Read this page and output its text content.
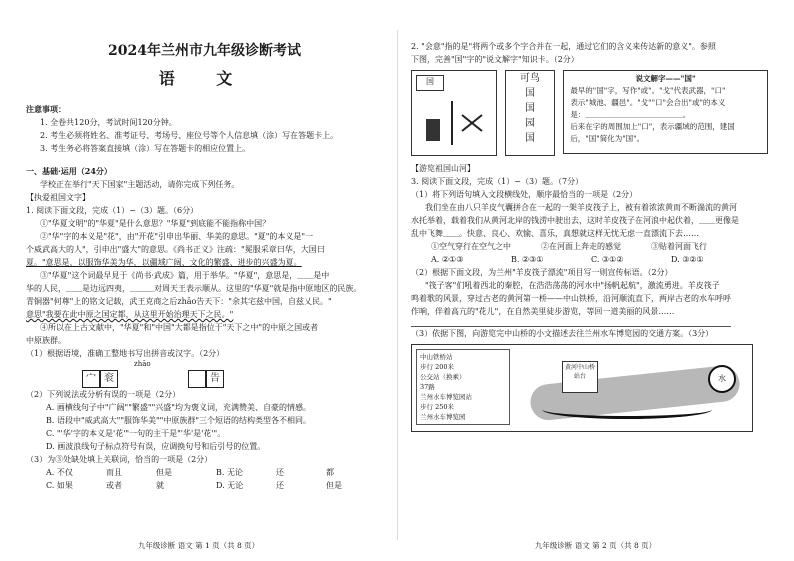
2024年兰州市九年级诊断考试
语 文
注意事项：
1. 全卷共120分，考试时间120分钟。
2. 考生必须将姓名、准考证号、考场号、座位号等个人信息填（涂）写在答题卡上。
3. 考生务必将答案直接填（涂）写在答题卡的相应位置上。
一、基础·运用（24分）
学校正在举行"天下国家"主题活动，请你完成下列任务。
【执爱祖国文字】
1. 阅读下面文段，完成（1）~（3）题。（6分）
①"华夏文明"的"华夏"是什么意思？"华夏"到底能不能指称中国？
②"华"字的本义是"花"，由"开花"引申出华丽、华美的意思。"夏"的本义是"一
个威武高大的人"，引申出"盛大"的意思。《尚书正义》注疏："冕服采章曰华，大国曰
夏。"意思是，以服饰华美为华，以疆域广阔、文化的繁盛、进步的兴盛为夏。
③"华夏"这个词最早見于《尚书·武成》篇，用于举华。"华夏"，意思是，＿＿是中
华的人民，＿＿是边远四夷，＿＿＿对周天王表示顺从。这里的"华夏"就是指中原地区的民族。
青铜器"何尊"上的铭文记载，武王克商之后zhāo告天下："余其宅兹中国，自兹乂民。"
意思"我要在此中原之国定都，从这里开始治理天下之民。"
④所以在上古文献中，"华夏"和"中国"大都是指位于"天下之中"的中原之国或者
中原族群。
（1）根据语境，准确工整地书写出拼音或汉字。（2分）
zhāo
宀 衮	告
（2）下列说法或分析有误的一项是（2分）
A. 画横线句子中"广阔""繁盛""兴盛"均为褒义词，充满赞美、自豪的情感。
B. 语段中"威武高大""服饰华美""中原族群"三个短语的结构类型各不相同。
C. "'华'字的本义是'花'"一句的主干是"'华'是'花'"。
D. 画波浪线句子标点符号有误，应调换句号和后引号的位置。
（3）为③处缺处填上关联词，恰当的一项是（2分）
A. 不仅	而且	但是	B. 无论	还	都
C. 如果	或者	就	D. 无论	还	但是
九年级诊断 语文 第 1 页（共 8 页）
2. "会意"指的是"将两个或多个字合并在一起，通过它们的含义来传达新的意义"。参照
下图，完善"国"字的"说文解字"知识卡。（2分）
国	可鸟
国
国
园
国
说文解字——"国"
最早的"国"字，写作"或"。"戈"代表武器，"口"
表示"城池、疆邑"。"戈""口"会合出"或"的本义
是：＿＿＿＿＿＿＿＿＿＿＿＿＿。
后来在字的周围加上"口"，表示疆域的范围，建国
后，"国"简化为"国"。
【游览祖国山河】
3. 阅读下面文段，完成（1）~（3）题。（7分）
（1）将下列语句填入文段横线处，顺序最恰当的一项是（2分）
我们坐在由八只羊皮气囊拼合在一起的一架羊皮筏子上，被有着浓浓黄而不断湍流的黄河
水托举着，载着我们从黄河北岸的钱涝中驶出去，这时羊皮筏子在河浪中起伏着，＿＿更像是
乱中飞舞＿＿。快意、良心、欢愉、喜乐，真想就这样无忧无虑一直漂流下去……
①空气穿行在空气之中	②在河面上奔走的感觉	③贴着河面飞行
A. ②①③	B. ②③①	C. ③①②	D. ③②①
（2）根据下面文段，为兰州"羊皮筏子漂流"项目写一则宣传标语。（2分）
"筏子客"们吼着西北的秦腔，在浩浩荡荡的河水中"扬帆起航"，激流勇进。羊皮筏子
鸣着歌的风景，穿过古老的黄河第一桥——中山铁桥，沿河顺流直下，两岸古老的水车呼呼
作响，伴着高亢的"花儿"，在自然美里徒步游览，等回一道美丽的风景……
（3）依据下图，向游览完中山桥的小文描述去往兰州水车博览园的交通方案。（3分）
中山铁桥站
步行 200米
公交站（换乘）
37路
兰州水车博览园站
步行 250米
兰州水车博览园
黄河中山桥
站台	水
九年级诊断 语文 第 2 页（共 8 页）
